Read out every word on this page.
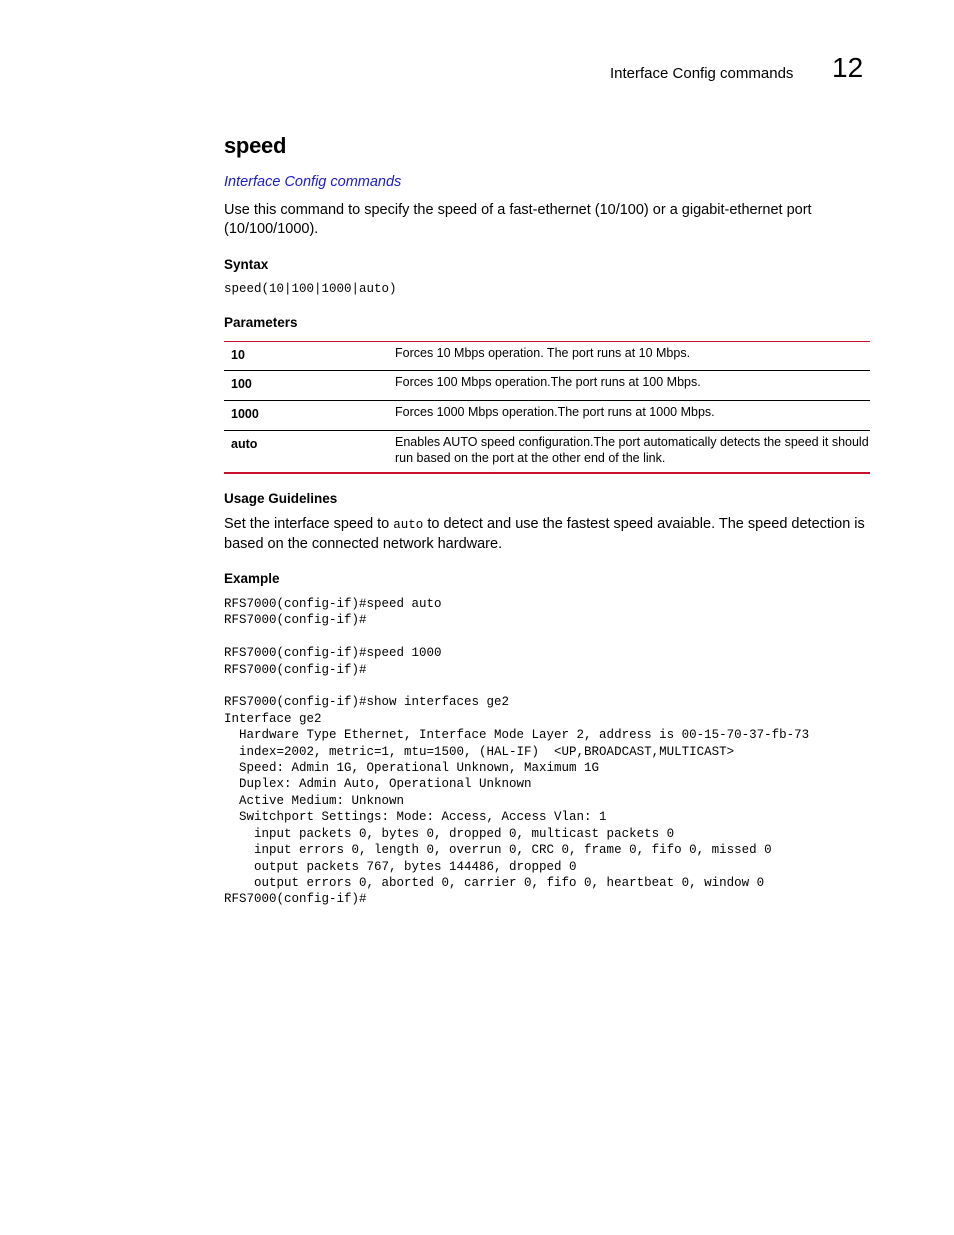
Interface Config commands 12
speed
Interface Config commands

Use this command to specify the speed of a fast-ethernet (10/100) or a gigabit-ethernet port (10/100/1000).

Syntax
speed(10|100|1000|auto)
Parameters
10	Forces 10 Mbps operation. The port runs at 10 Mbps.
100	Forces 100 Mbps operation.The port runs at 100 Mbps.
1000	Forces 1000 Mbps operation.The port runs at 1000 Mbps.
auto	Enables AUTO speed configuration.The port automatically detects the speed it should run based on the port at the other end of the link.
Usage Guidelines

Set the interface speed to auto to detect and use the fastest speed avaiable. The speed detection is based on the connected network hardware.

Example
RFS7000(config-if)#speed auto
RFS7000(config-if)#

RFS7000(config-if)#speed 1000
RFS7000(config-if)#

RFS7000(config-if)#show interfaces ge2
Interface ge2
Hardware Type Ethernet, Interface Mode Layer 2, address is 00-15-70-37-fb-73
index=2002, metric=1, mtu=1500, (HAL-IF)  <UP,BROADCAST,MULTICAST>
Speed: Admin 1G, Operational Unknown, Maximum 1G
Duplex: Admin Auto, Operational Unknown
Active Medium: Unknown
Switchport Settings: Mode: Access, Access Vlan: 1
input packets 0, bytes 0, dropped 0, multicast packets 0
input errors 0, length 0, overrun 0, CRC 0, frame 0, fifo 0, missed 0
output packets 767, bytes 144486, dropped 0
output errors 0, aborted 0, carrier 0, fifo 0, heartbeat 0, window 0
RFS7000(config-if)#
